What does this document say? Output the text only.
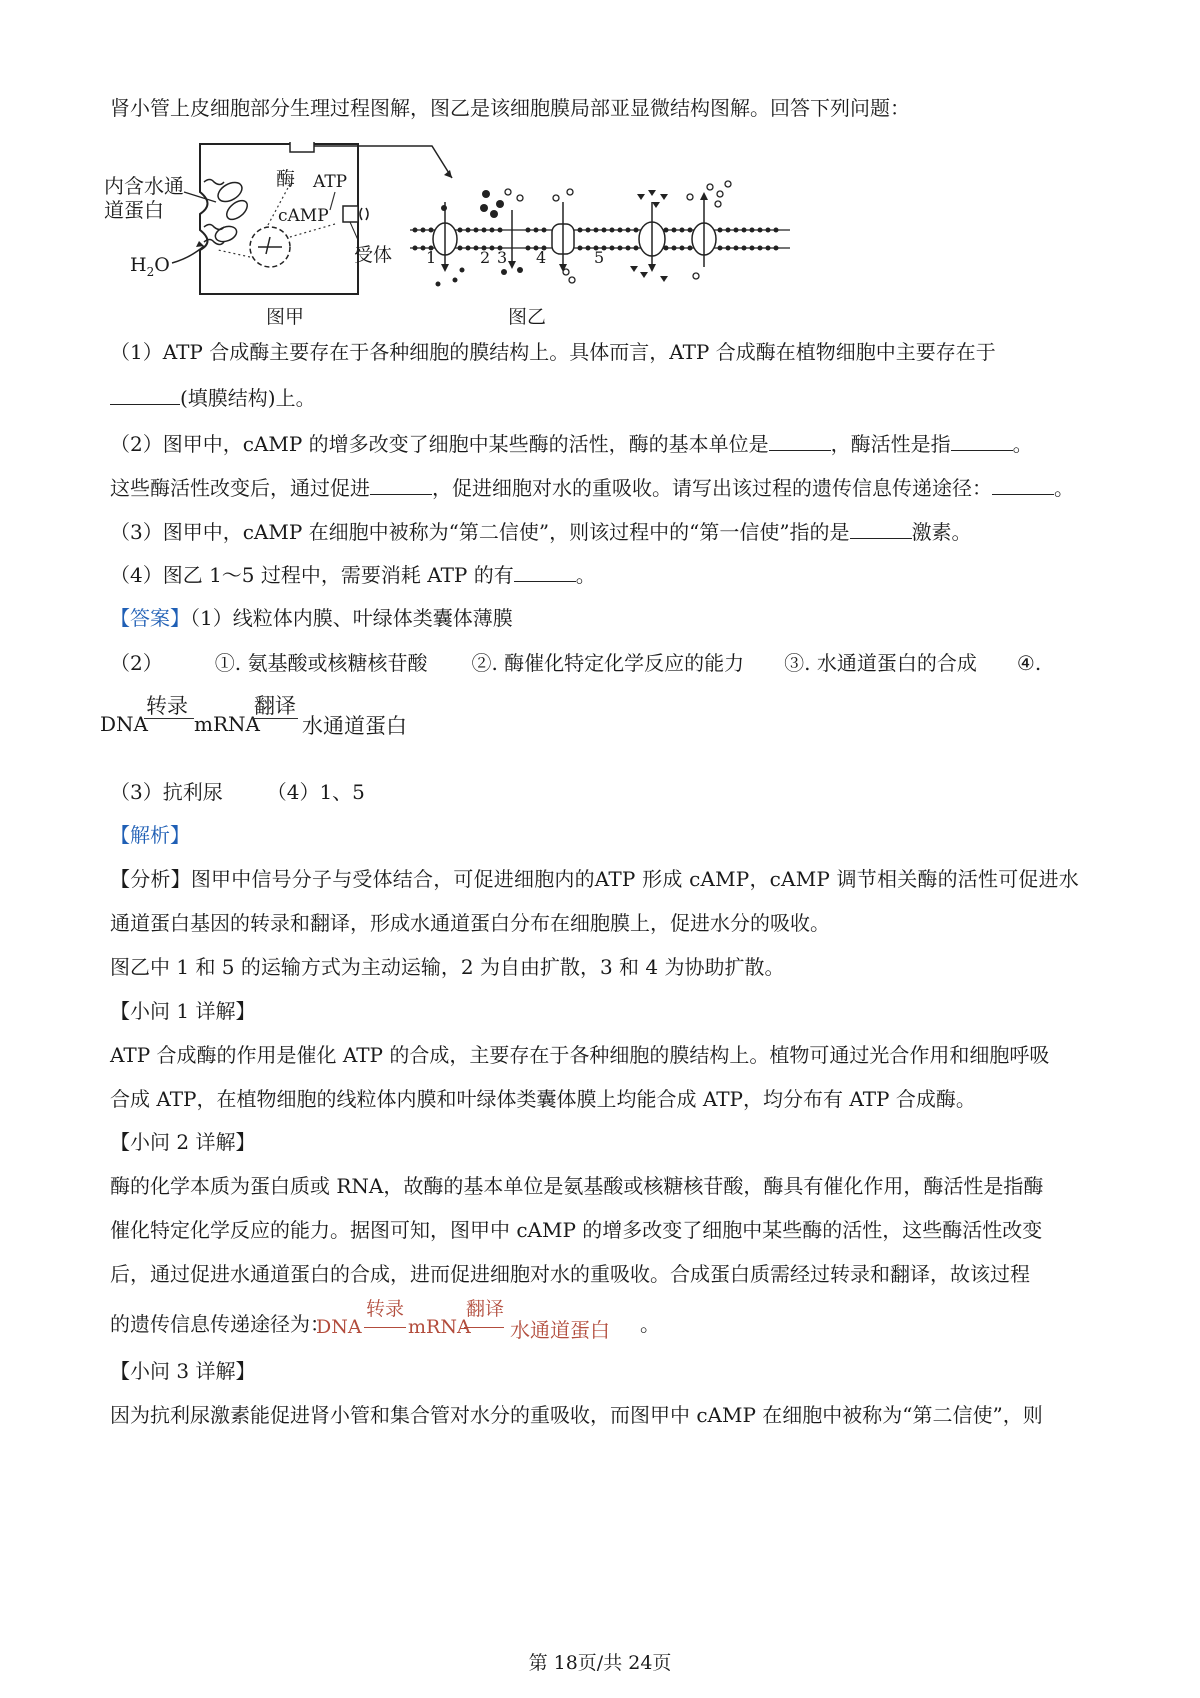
肾小管上皮细胞部分生理过程图解，图乙是该细胞膜局部亚显微结构图解。回答下列问题：
内含水通
道蛋白
$H_2O$
酶 ATP
cAMP
受体
图甲	图乙
1	2 3 4	5
（1）ATP 合成酶主要存在于各种细胞的膜结构上。具体而言，ATP 合成酶在植物细胞中主要存在于
(填膜结构)上。
（2）图甲中，cAMP 的增多改变了细胞中某些酶的活性，酶的基本单位是	，酶活性是指	。
这些酶活性改变后，通过促进	，促进细胞对水的重吸收。请写出该过程的遗传信息传递途径：	。
（3）图甲中，cAMP 在细胞中被称为“第二信使”，则该过程中的“第一信使”指的是	激素。
（4）图乙 1～5 过程中，需要消耗 ATP 的有	。
【答案】（1）线粒体内膜、叶绿体类囊体薄膜
（2）	①. 氨基酸或核糖核苷酸 ②. 酶催化特定化学反应的能力 ③. 水通道蛋白的合成 ④.
DNA
转录
mRNA
翻译
水通道蛋白
（3）抗利尿 （4）1、5
【解析】
【分析】图甲中信号分子与受体结合，可促进细胞内的ATP 形成 cAMP，cAMP 调节相关酶的活性可促进水
通道蛋白基因的转录和翻译，形成水通道蛋白分布在细胞膜上，促进水分的吸收。
图乙中 1 和 5 的运输方式为主动运输，2 为自由扩散，3 和 4 为协助扩散。
【小问 1 详解】
ATP 合成酶的作用是催化 ATP 的合成，主要存在于各种细胞的膜结构上。植物可通过光合作用和细胞呼吸
合成 ATP，在植物细胞的线粒体内膜和叶绿体类囊体膜上均能合成 ATP，均分布有 ATP 合成酶。
【小问 2 详解】
酶的化学本质为蛋白质或 RNA，故酶的基本单位是氨基酸或核糖核苷酸，酶具有催化作用，酶活性是指酶
催化特定化学反应的能力。据图可知，图甲中 cAMP 的增多改变了细胞中某些酶的活性，这些酶活性改变
后，通过促进水通道蛋白的合成，进而促进细胞对水的重吸收。合成蛋白质需经过转录和翻译，故该过程
的遗传信息传递途径为：
DNA
转录
mRNA
翻译
水通道蛋白 。
【小问 3 详解】
因为抗利尿激素能促进肾小管和集合管对水分的重吸收，而图甲中 cAMP 在细胞中被称为“第二信使”，则
第 18页/共 24页
